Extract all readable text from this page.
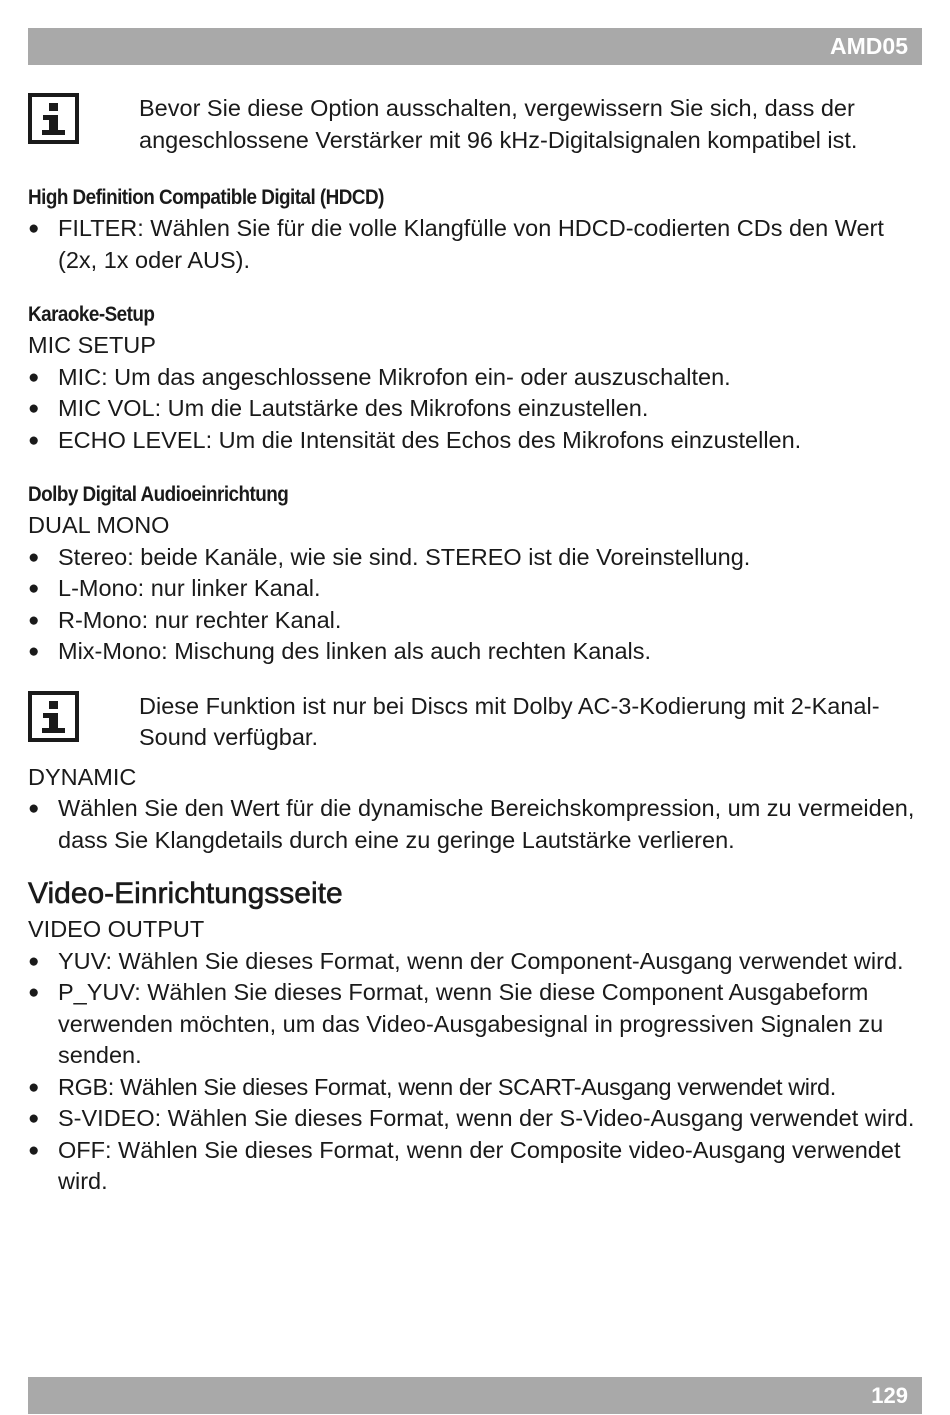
AMD05
Bevor Sie diese Option ausschalten, vergewissern Sie sich, dass der angeschlossene Verstärker mit 96 kHz-Digitalsignalen kompatibel ist.
High Definition Compatible Digital (HDCD)
● FILTER: Wählen Sie für die volle Klangfülle von HDCD-codierten CDs den Wert (2x, 1x oder AUS).
Karaoke-Setup
MIC SETUP
● MIC: Um das angeschlossene Mikrofon ein- oder auszuschalten.
● MIC VOL: Um die Lautstärke des Mikrofons einzustellen.
● ECHO LEVEL: Um die Intensität des Echos des Mikrofons einzustellen.
Dolby Digital Audioeinrichtung
DUAL MONO
● Stereo: beide Kanäle, wie sie sind. STEREO ist die Voreinstellung.
● L-Mono: nur linker Kanal.
● R-Mono: nur rechter Kanal.
● Mix-Mono: Mischung des linken als auch rechten Kanals.
Diese Funktion ist nur bei Discs mit Dolby AC-3-Kodierung mit 2-Kanal-Sound verfügbar.
DYNAMIC
● Wählen Sie den Wert für die dynamische Bereichskompression, um zu vermeiden, dass Sie Klangdetails durch eine zu geringe Lautstärke verlieren.
Video-Einrichtungsseite
VIDEO OUTPUT
● YUV: Wählen Sie dieses Format, wenn der Component-Ausgang verwendet wird.
● P_YUV: Wählen Sie dieses Format, wenn Sie diese Component Ausgabeform verwenden möchten, um das Video-Ausgabesignal in progressiven Signalen zu senden.
● RGB: Wählen Sie dieses Format, wenn der SCART-Ausgang verwendet wird.
● S-VIDEO: Wählen Sie dieses Format, wenn der S-Video-Ausgang verwendet wird.
● OFF: Wählen Sie dieses Format, wenn der Composite video-Ausgang verwendet wird.
129
